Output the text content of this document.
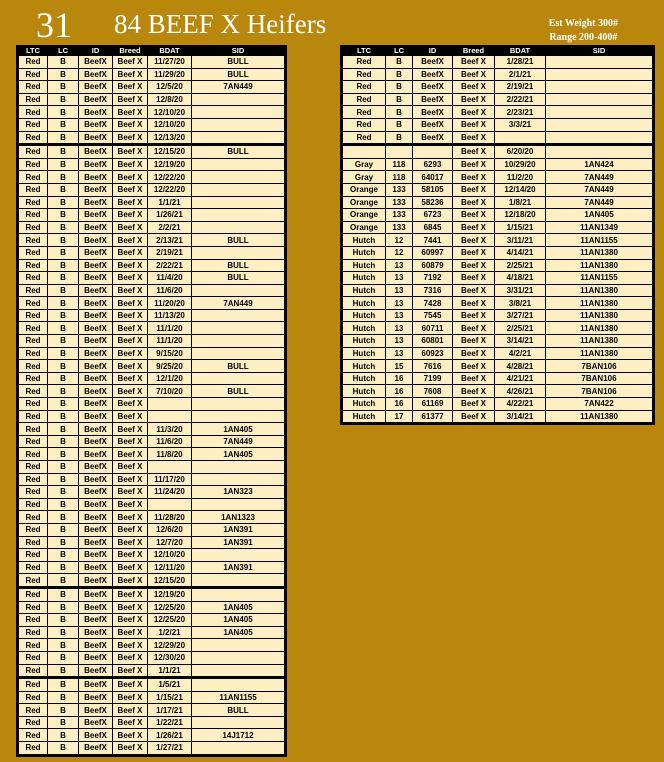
31 84 BEEF X Heifers	Est Weight 300#
Range 200-400#
LTC	LC	ID	Breed	BDAT	SID
Red	B	BeefX	Beef X	11/27/20	BULL
Red	B	BeefX	Beef X	11/29/20	BULL
Red	B	BeefX	Beef X	12/5/20	7AN449
Red	B	BeefX	Beef X	12/8/20	
Red	B	BeefX	Beef X	12/10/20	
Red	B	BeefX	Beef X	12/10/20	
Red	B	BeefX	Beef X	12/13/20	
Red	B	BeefX	Beef X	12/15/20	BULL
Red	B	BeefX	Beef X	12/19/20	
Red	B	BeefX	Beef X	12/22/20	
Red	B	BeefX	Beef X	12/22/20	
Red	B	BeefX	Beef X	1/1/21	
Red	B	BeefX	Beef X	1/26/21	
Red	B	BeefX	Beef X	2/2/21	
Red	B	BeefX	Beef X	2/13/21	BULL
Red	B	BeefX	Beef X	2/19/21	
Red	B	BeefX	Beef X	2/22/21	BULL
Red	B	BeefX	Beef X	11/4/20	BULL
Red	B	BeefX	Beef X	11/6/20	
Red	B	BeefX	Beef X	11/20/20	7AN449
Red	B	BeefX	Beef X	11/13/20	
Red	B	BeefX	Beef X	11/1/20	
Red	B	BeefX	Beef X	11/1/20	
Red	B	BeefX	Beef X	9/15/20	
Red	B	BeefX	Beef X	9/25/20	BULL
Red	B	BeefX	Beef X	12/1/20	
Red	B	BeefX	Beef X	7/10/20	BULL
Red	B	BeefX	Beef X		
Red	B	BeefX	Beef X		
Red	B	BeefX	Beef X	11/3/20	1AN405
Red	B	BeefX	Beef X	11/6/20	7AN449
Red	B	BeefX	Beef X	11/8/20	1AN405
Red	B	BeefX	Beef X		
Red	B	BeefX	Beef X	11/17/20	
Red	B	BeefX	Beef X	11/24/20	1AN323
Red	B	BeefX	Beef X		
Red	B	BeefX	Beef X	11/28/20	1AN1323
Red	B	BeefX	Beef X	12/6/20	1AN391
Red	B	BeefX	Beef X	12/7/20	1AN391
Red	B	BeefX	Beef X	12/10/20	
Red	B	BeefX	Beef X	12/11/20	1AN391
Red	B	BeefX	Beef X	12/15/20	
Red	B	BeefX	Beef X	12/19/20	
Red	B	BeefX	Beef X	12/25/20	1AN405
Red	B	BeefX	Beef X	12/25/20	1AN405
Red	B	BeefX	Beef X	1/2/21	1AN405
Red	B	BeefX	Beef X	12/29/20	
Red	B	BeefX	Beef X	12/30/20	
Red	B	BeefX	Beef X	1/1/21	
Red	B	BeefX	Beef X	1/5/21	
Red	B	BeefX	Beef X	1/15/21	11AN1155
Red	B	BeefX	Beef X	1/17/21	BULL
Red	B	BeefX	Beef X	1/22/21	
Red	B	BeefX	Beef X	1/26/21	14J1712
Red	B	BeefX	Beef X	1/27/21	
LTC	LC	ID	Breed	BDAT	SID
Red	B	BeefX	Beef X	1/28/21	
Red	B	BeefX	Beef X	2/1/21	
Red	B	BeefX	Beef X	2/19/21	
Red	B	BeefX	Beef X	2/22/21	
Red	B	BeefX	Beef X	2/23/21	
Red	B	BeefX	Beef X	3/3/21	
Red	B	BeefX	Beef X		
			Beef X	6/20/20	
Gray	118	6293	Beef X	10/29/20	1AN424
Gray	118	64017	Beef X	11/2/20	7AN449
Orange	133	58105	Beef X	12/14/20	7AN449
Orange	133	58236	Beef X	1/8/21	7AN449
Orange	133	6723	Beef X	12/18/20	1AN405
Orange	133	6845	Beef X	1/15/21	11AN1349
Hutch	12	7441	Beef X	3/11/21	11AN1155
Hutch	12	60997	Beef X	4/14/21	11AN1380
Hutch	13	60879	Beef X	2/25/21	11AN1380
Hutch	13	7192	Beef X	4/18/21	11AN1155
Hutch	13	7316	Beef X	3/31/21	11AN1380
Hutch	13	7428	Beef X	3/8/21	11AN1380
Hutch	13	7545	Beef X	3/27/21	11AN1380
Hutch	13	60711	Beef X	2/25/21	11AN1380
Hutch	13	60801	Beef X	3/14/21	11AN1380
Hutch	13	60923	Beef X	4/2/21	11AN1380
Hutch	15	7616	Beef X	4/28/21	7BAN106
Hutch	16	7199	Beef X	4/21/21	7BAN106
Hutch	16	7608	Beef X	4/26/21	7BAN106
Hutch	16	61169	Beef X	4/22/21	7AN422
Hutch	17	61377	Beef X	3/14/21	11AN1380
